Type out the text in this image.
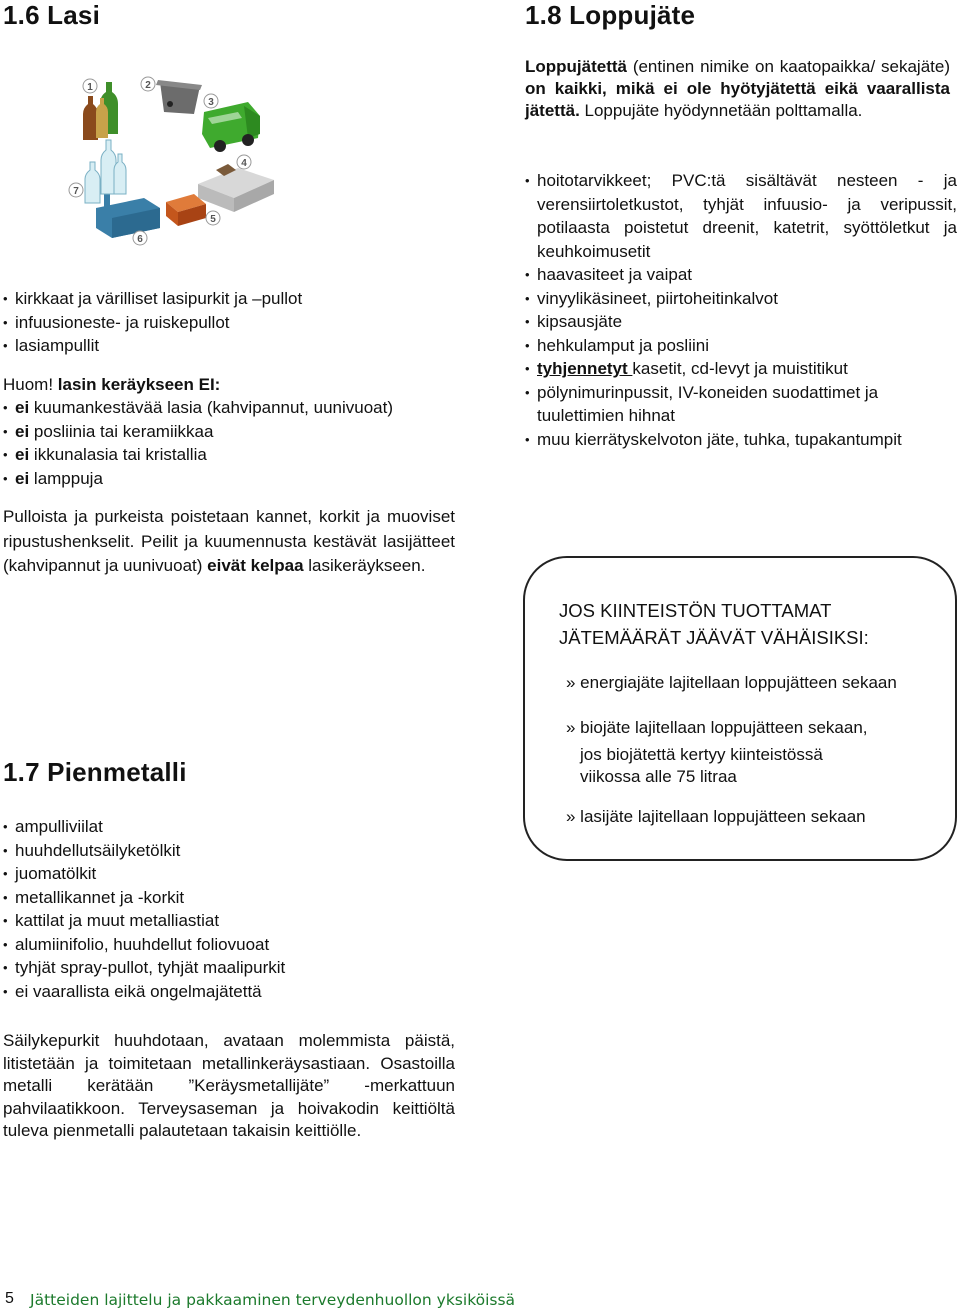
1.6 Lasi
1	2
3
4
5
6
7
• kirkkaat ja värilliset lasipurkit ja –pullot
• infuusioneste- ja ruiskepullot
• lasiampullit
Huom! lasin keräykseen EI:
• ei kuumankestävää lasia (kahvipannut, uunivuoat)
• ei posliinia tai keramiikkaa
• ei ikkunalasia tai kristallia
• ei lamppuja
Pulloista ja purkeista poistetaan kannet, korkit ja muoviset ripustushenkselit. Peilit ja kuumennusta kestävät lasijätteet (kahvipannut ja uunivuoat) eivät kelpaa lasikeräykseen.
1.7 Pienmetalli
• ampulliviilat
• huuhdellutsäilyketölkit
• juomatölkit
• metallikannet ja -korkit
• kattilat ja muut metalliastiat
• alumiinifolio, huuhdellut foliovuoat
• tyhjät spray-pullot, tyhjät maalipurkit
• ei vaarallista eikä ongelmajätettä
Säilykepurkit huuhdotaan, avataan molemmista päistä, litistetään ja toimitetaan metallinkeräysastiaan. Osastoilla metalli kerätään ”Keräysmetallijäte” -merkattuun pahvilaatikkoon. Terveysaseman ja hoivakodin keittiöltä tuleva pienmetalli palautetaan takaisin keittiölle.
1.8 Loppujäte
Loppujätettä (entinen nimike on kaatopaikka/ sekajäte) on kaikki, mikä ei ole hyötyjätettä eikä vaarallista jätettä. Loppujäte hyödynnetään polttamalla.
• hoitotarvikkeet; PVC:tä sisältävät nesteen - ja verensiirtoletkustot, tyhjät infuusio- ja veripussit, potilaasta poistetut dreenit, katetrit, syöttöletkut ja keuhkoimusetit
• haavasiteet ja vaipat
• vinyylikäsineet, piirtoheitinkalvot
• kipsausjäte
• hehkulamput ja posliini
• tyhjennetyt kasetit, cd-levyt ja muistitikut
• pölynimurinpussit, IV-koneiden suodattimet ja tuulettimien hihnat
• muu kierrätyskelvoton jäte, tuhka, tupakantumpit
JOS KIINTEISTÖN TUOTTAMAT
JÄTEMÄÄRÄT JÄÄVÄT VÄHÄISIKSI:
» energiajäte lajitellaan loppujätteen sekaan
» biojäte lajitellaan loppujätteen sekaan,
jos biojätettä kertyy kiinteistössä
viikossa alle 75 litraa
» lasijäte lajitellaan loppujätteen sekaan
5 Jätteiden lajittelu ja pakkaaminen terveydenhuollon yksiköissä
